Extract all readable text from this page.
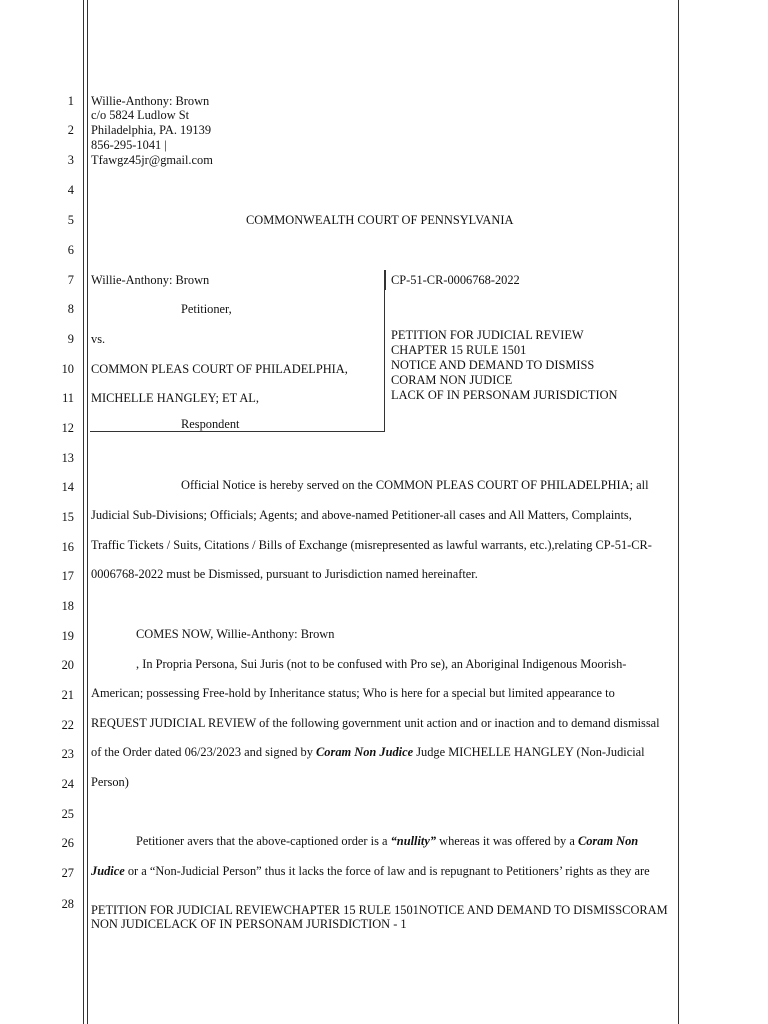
1
2
3
4
5
6
7
8
9
10
11
12
13
14
15
16
17
18
19
20
21
22
23
24
25
26
27
28
Willie-Anthony: Brown
c/o 5824 Ludlow St
Philadelphia, PA. 19139
856-295-1041 |
Tfawgz45jr@gmail.com
COMMONWEALTH COURT OF PENNSYLVANIA
Willie-Anthony: Brown
Petitioner,
vs.
COMMON PLEAS COURT OF PHILADELPHIA,
MICHELLE HANGLEY; ET AL,
Respondent
CP-51-CR-0006768-2022
PETITION FOR JUDICIAL REVIEW
CHAPTER 15 RULE 1501
NOTICE AND DEMAND TO DISMISS
CORAM NON JUDICE
LACK OF IN PERSONAM JURISDICTION
Official Notice is hereby served on the COMMON PLEAS COURT OF PHILADELPHIA; all
Judicial Sub-Divisions; Officials; Agents; and above-named Petitioner-all cases and All Matters, Complaints,
Traffic Tickets / Suits, Citations / Bills of Exchange (misrepresented as lawful warrants, etc.),relating CP-51-CR-
0006768-2022 must be Dismissed, pursuant to Jurisdiction named hereinafter.
COMES NOW, Willie-Anthony: Brown
, In Propria Persona, Sui Juris (not to be confused with Pro se), an Aboriginal Indigenous Moorish-
American; possessing Free-hold by Inheritance status; Who is here for a special but limited appearance to
REQUEST JUDICIAL REVIEW of the following government unit action and or inaction and to demand dismissal
of the Order dated 06/23/2023 and signed by Coram Non Judice Judge MICHELLE HANGLEY (Non-Judicial
Person)
Petitioner avers that the above-captioned order is a “nullity” whereas it was offered by a Coram Non
Judice or a “Non-Judicial Person” thus it lacks the force of law and is repugnant to Petitioners’ rights as they are
PETITION FOR JUDICIAL REVIEWCHAPTER 15 RULE 1501NOTICE AND DEMAND TO DISMISSCORAM
NON JUDICELACK OF IN PERSONAM JURISDICTION - 1
